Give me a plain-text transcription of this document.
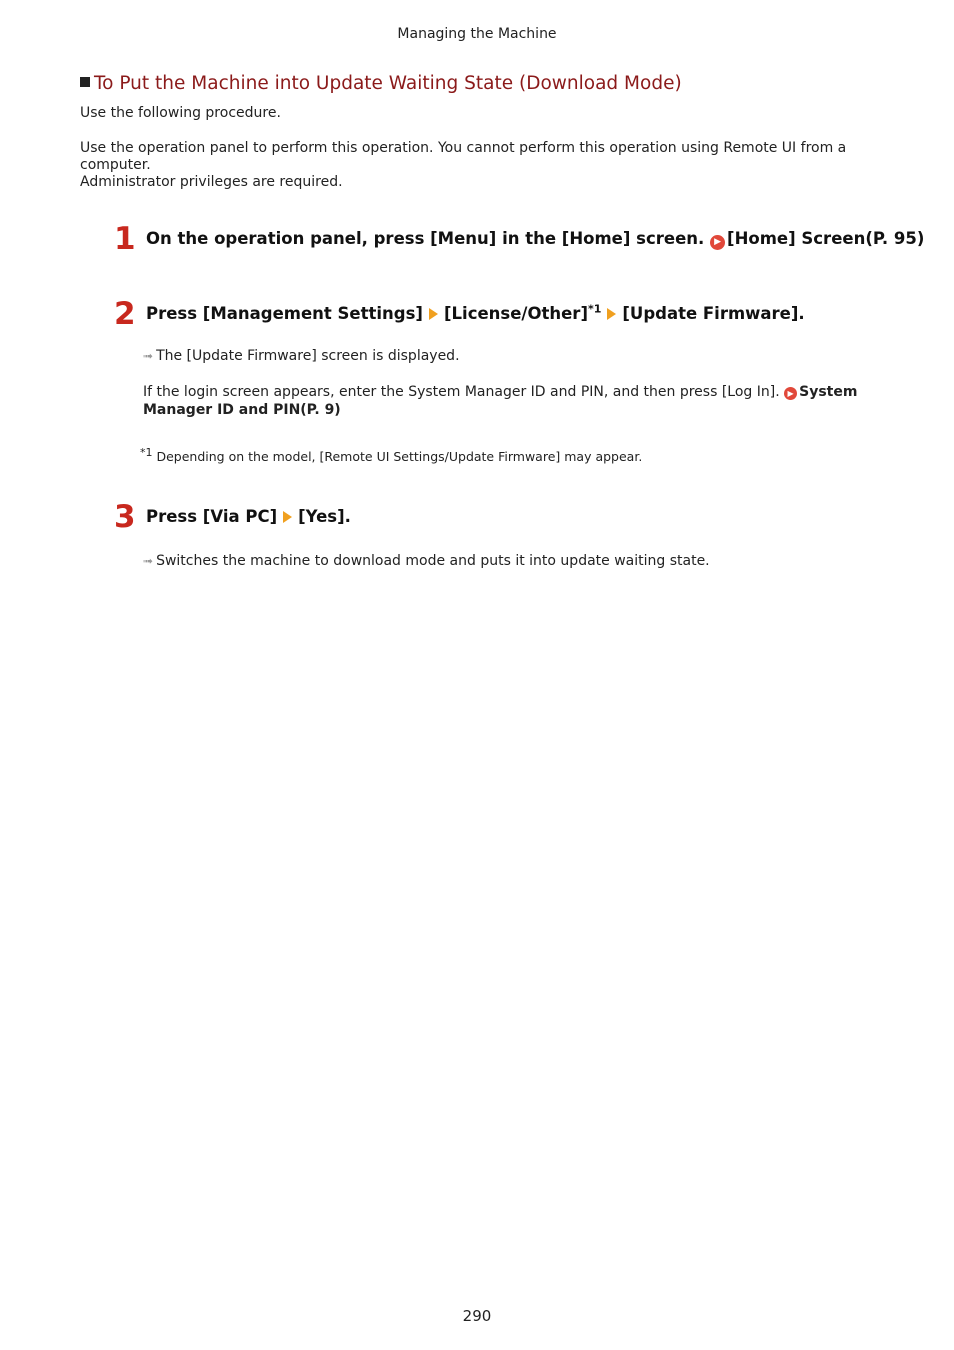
Managing the Machine
To Put the Machine into Update Waiting State (Download Mode)
Use the following procedure.
Use the operation panel to perform this operation. You cannot perform this operation using Remote UI from a computer.
Administrator privileges are required.
1 On the operation panel, press [Menu] in the [Home] screen. ▶ [Home] Screen(P. 95)
2 Press [Management Settings] [License/Other]$^{*1}$ [Update Firmware].
➟ The [Update Firmware] screen is displayed.
If the login screen appears, enter the System Manager ID and PIN, and then press [Log In]. ▶ System Manager ID and PIN(P. 9)
$^{*1}$ Depending on the model, [Remote UI Settings/Update Firmware] may appear.
3 Press [Via PC] [Yes].
➟ Switches the machine to download mode and puts it into update waiting state.
290
